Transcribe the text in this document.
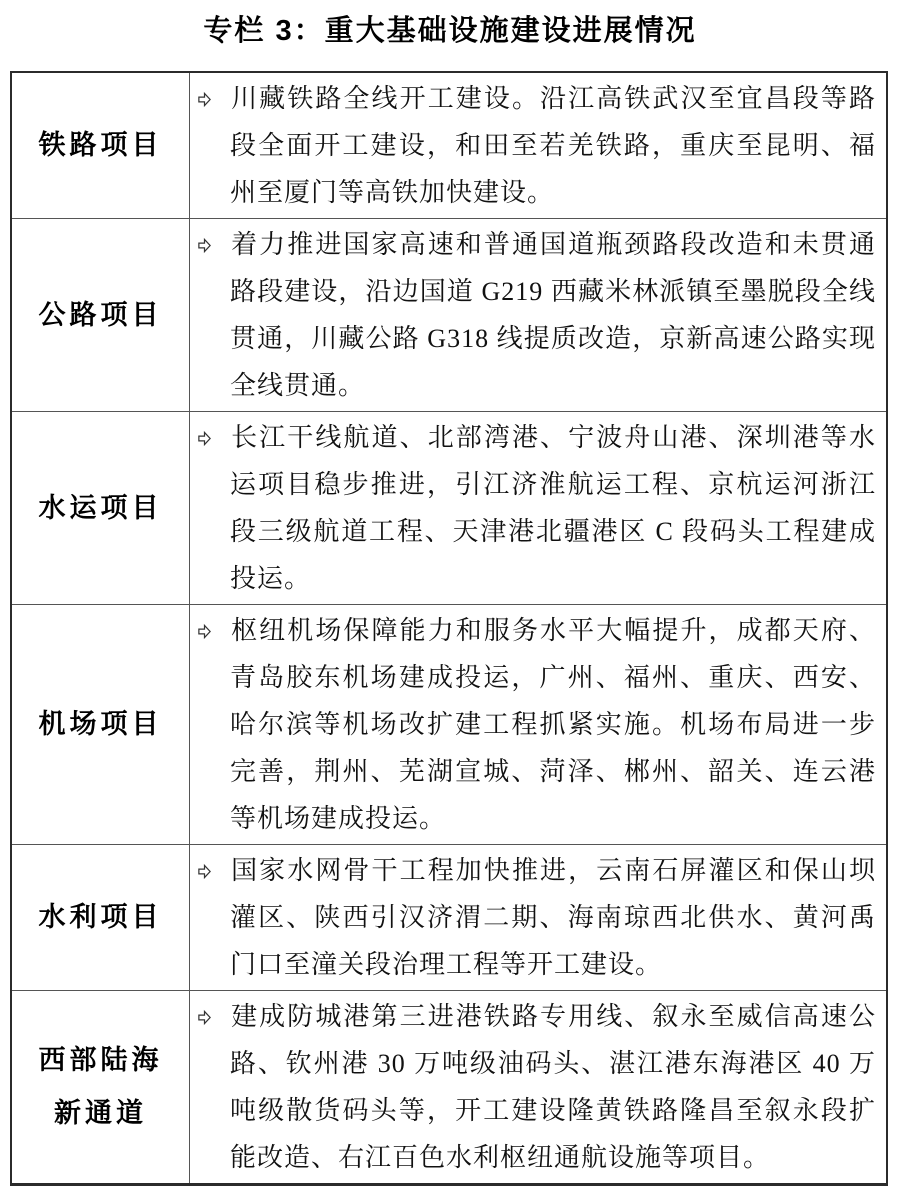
专栏 3：重大基础设施建设进展情况
铁路项目

川藏铁路全线开工建设。沿江高铁武汉至宜昌段等路段全面开工建设，和田至若羌铁路，重庆至昆明、福州至厦门等高铁加快建设。

公路项目

着力推进国家高速和普通国道瓶颈路段改造和未贯通路段建设，沿边国道 G219 西藏米林派镇至墨脱段全线贯通，川藏公路 G318 线提质改造，京新高速公路实现全线贯通。

水运项目

长江干线航道、北部湾港、宁波舟山港、深圳港等水运项目稳步推进，引江济淮航运工程、京杭运河浙江段三级航道工程、天津港北疆港区 C 段码头工程建成投运。

机场项目

枢纽机场保障能力和服务水平大幅提升，成都天府、青岛胶东机场建成投运，广州、福州、重庆、西安、哈尔滨等机场改扩建工程抓紧实施。机场布局进一步完善，荆州、芜湖宣城、菏泽、郴州、韶关、连云港等机场建成投运。

水利项目

国家水网骨干工程加快推进，云南石屏灌区和保山坝灌区、陕西引汉济渭二期、海南琼西北供水、黄河禹门口至潼关段治理工程等开工建设。

西部陆海新通道

建成防城港第三进港铁路专用线、叙永至威信高速公路、钦州港 30 万吨级油码头、湛江港东海港区 40 万吨级散货码头等，开工建设隆黄铁路隆昌至叙永段扩能改造、右江百色水利枢纽通航设施等项目。
